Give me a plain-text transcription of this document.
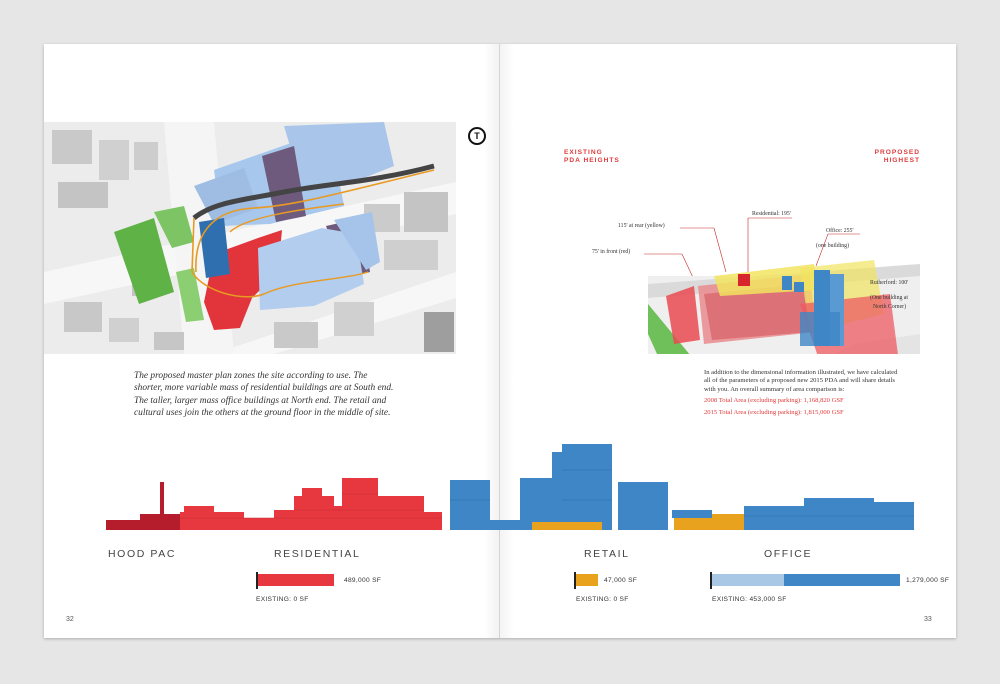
T
The proposed master plan zones the site according to use. The shorter, more variable mass of residential buildings are at South end. The taller, larger mass office buildings at North end. The retail and cultural uses join the others at the ground floor in the middle of site.
EXISTING
PDA HEIGHTS
PROPOSED
HIGHEST
115' at rear (yellow)
75' in front (red)
Residential: 195'
Office: 255'
(one building)
Rutherford: 100'
(One building at
North Corner)
In addition to the dimensional information illustrated, we have calculated all of the parameters of a proposed new 2015 PDA and will share details with you. An overall summary of area comparison is:
2008 Total Area (excluding parking): 1,168,820 GSF
2015 Total Area (excluding parking): 1,815,000 GSF
HOOD PAC	RESIDENTIAL	RETAIL	OFFICE
489,000 SF
EXISTING: 0 SF
47,000 SF
EXISTING: 0 SF
1,279,000 SF
EXISTING: 453,000 SF
32	33
